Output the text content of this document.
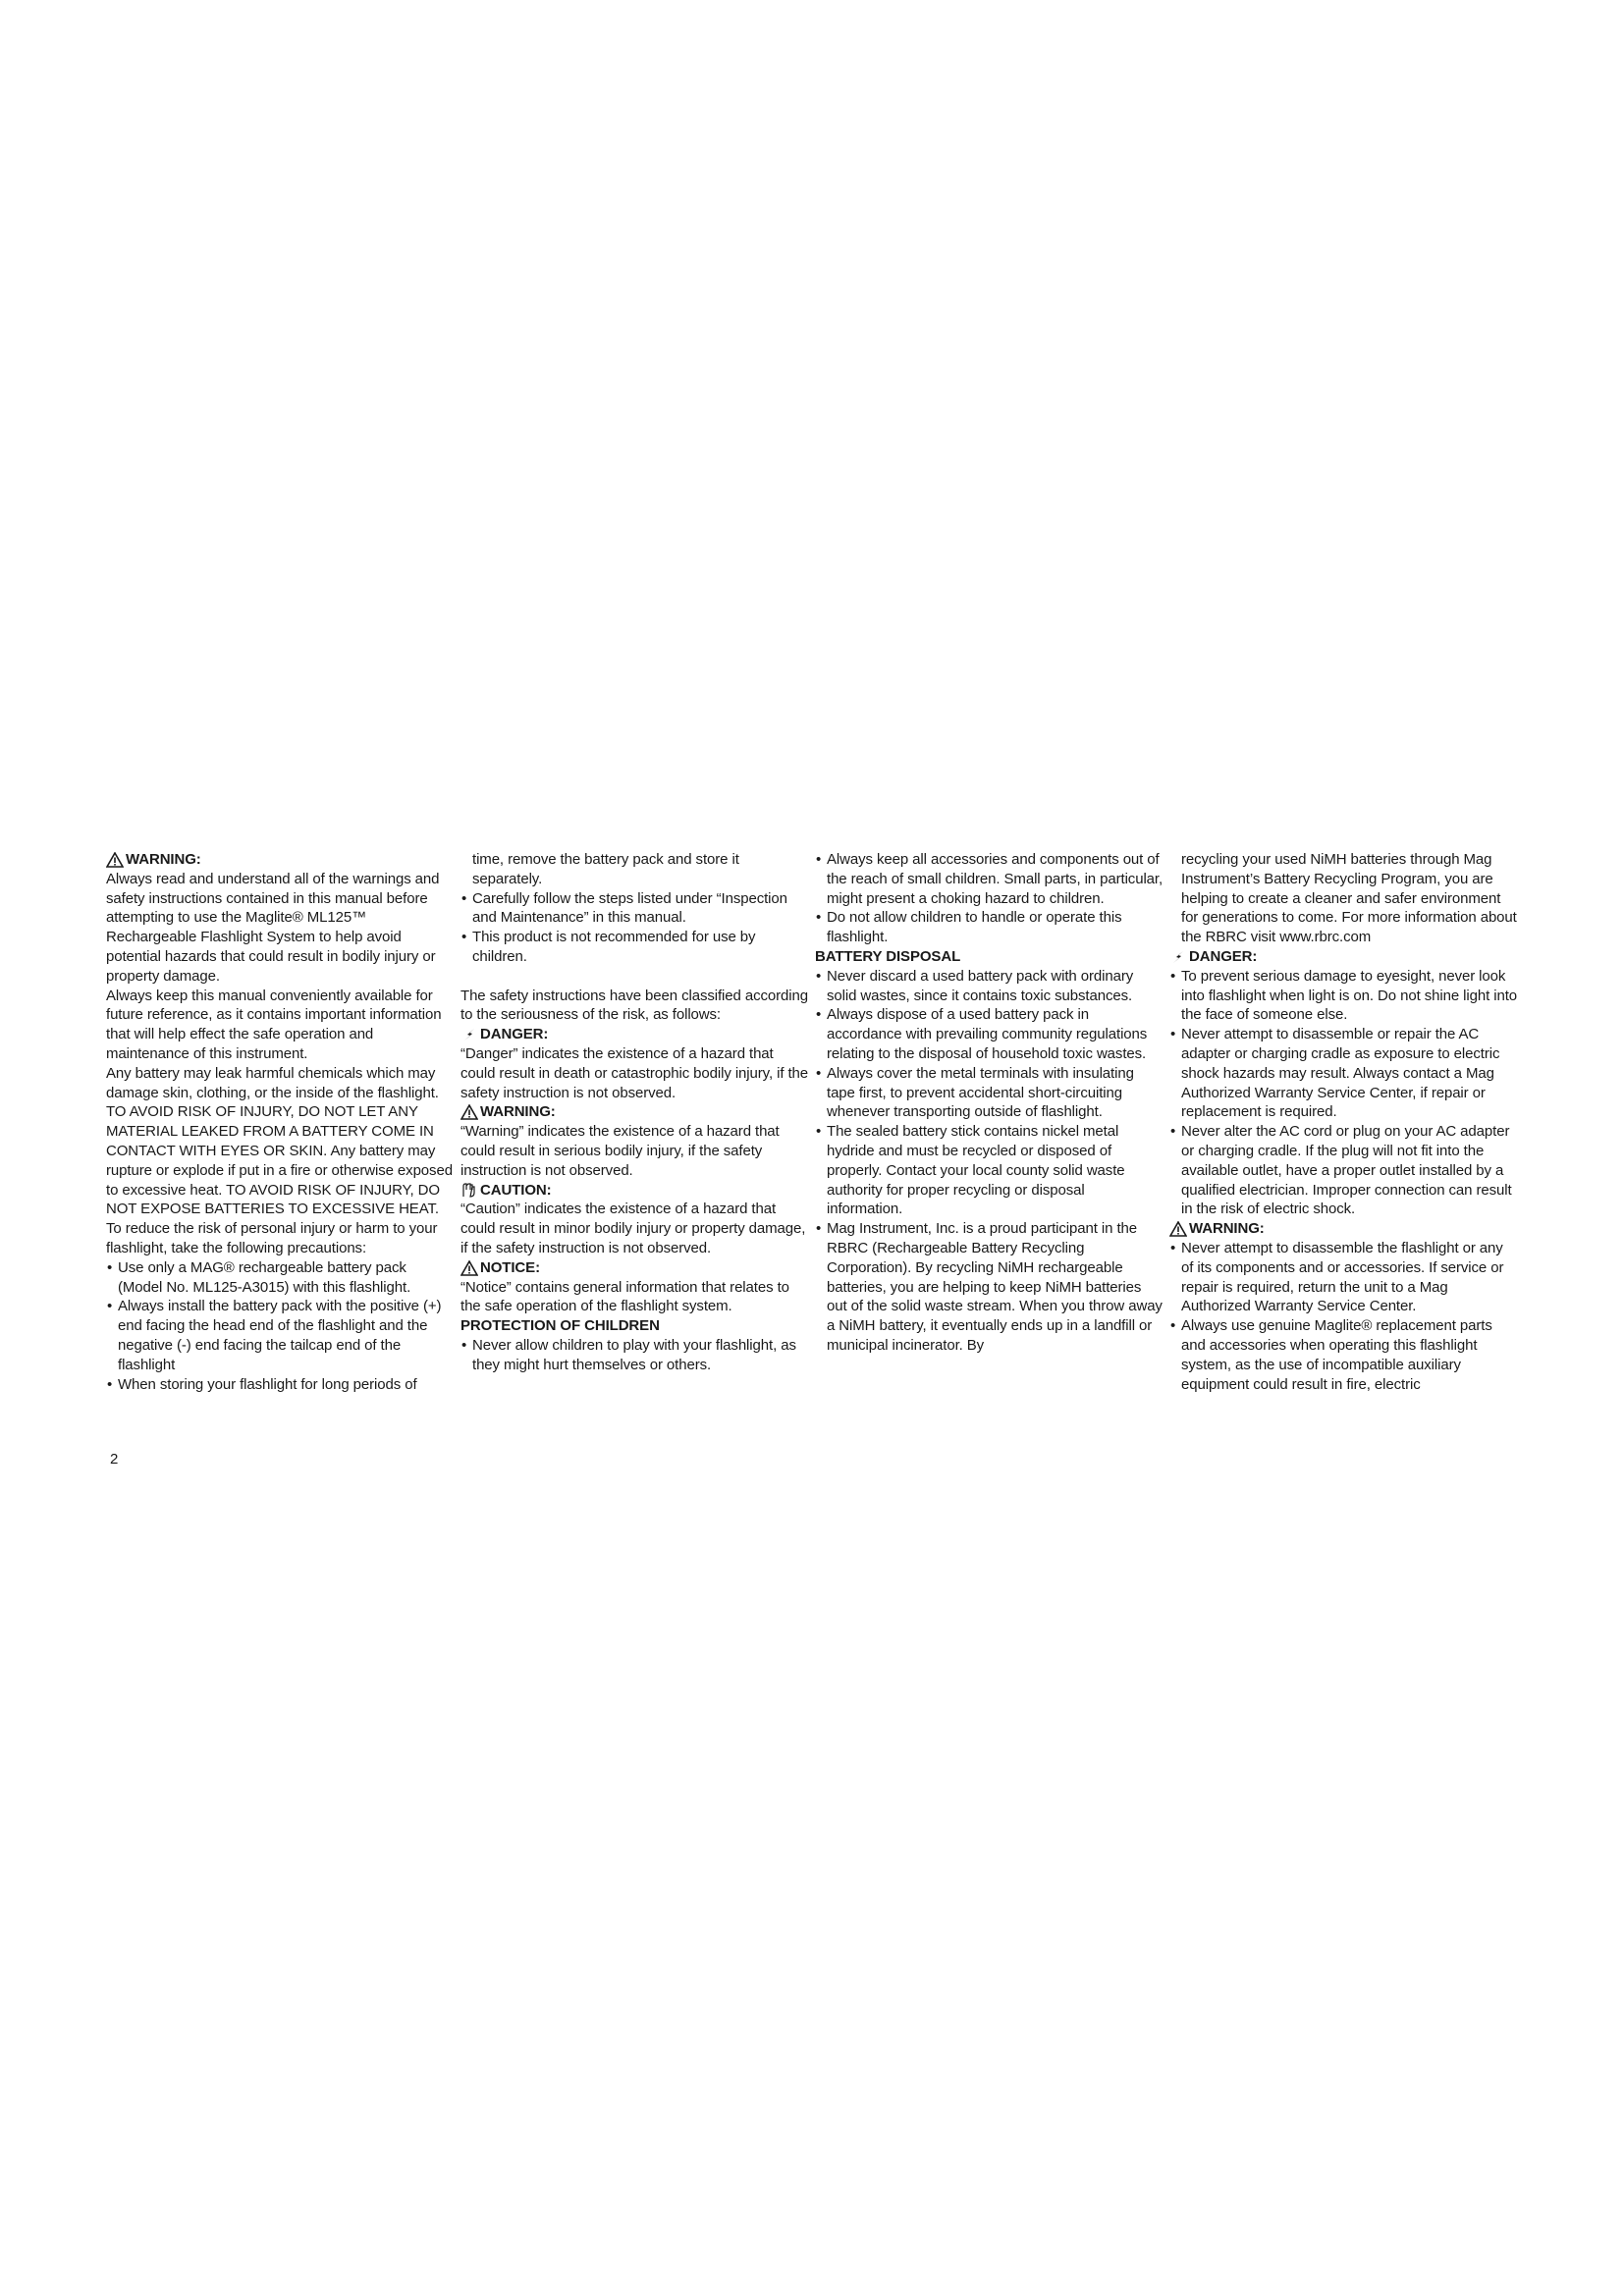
WARNING:

Always read and understand all of the warnings and safety instructions contained in this manual before attempting to use the Maglite® ML125™ Rechargeable Flashlight System to help avoid potential hazards that could result in bodily injury or property damage.

Always keep this manual conveniently available for future reference, as it contains important information that will help effect the safe operation and maintenance of this instrument.

Any battery may leak harmful chemicals which may damage skin, clothing, or the inside of the flashlight. TO AVOID RISK OF INJURY, DO NOT LET ANY MATERIAL LEAKED FROM A BATTERY COME IN CONTACT WITH EYES OR SKIN. Any battery may rupture or explode if put in a fire or otherwise exposed to excessive heat. TO AVOID RISK OF INJURY, DO NOT EXPOSE BATTERIES TO EXCESSIVE HEAT. To reduce the risk of personal injury or harm to your flashlight, take the following precautions:

• Use only a MAG® rechargeable battery pack (Model No. ML125-A3015) with this flashlight.

• Always install the battery pack with the positive (+) end facing the head end of the flashlight and the negative (-) end facing the tailcap end of the flashlight

• When storing your flashlight for long periods of

time, remove the battery pack and store it separately.

• Carefully follow the steps listed under “Inspection and Maintenance” in this manual.

• This product is not recommended for use by children.

The safety instructions have been classified according to the seriousness of the risk, as follows:

DANGER:

“Danger” indicates the existence of a hazard that could result in death or catastrophic bodily injury, if the safety instruction is not observed.

WARNING:

“Warning” indicates the existence of a hazard that could result in serious bodily injury, if the safety instruction is not observed.

CAUTION:

“Caution” indicates the existence of a hazard that could result in minor bodily injury or property damage, if the safety instruction is not observed.

NOTICE:

“Notice” contains general information that relates to the safe operation of the flashlight system.

PROTECTION OF CHILDREN

• Never allow children to play with your flashlight, as they might hurt themselves or others.

• Always keep all accessories and components out of the reach of small children. Small parts, in particular, might present a choking hazard to children.

• Do not allow children to handle or operate this flashlight.

BATTERY DISPOSAL

• Never discard a used battery pack with ordinary solid wastes, since it contains toxic substances.

• Always dispose of a used battery pack in accordance with prevailing community regulations relating to the disposal of household toxic wastes.

• Always cover the metal terminals with insulating tape first, to prevent accidental short-circuiting whenever transporting outside of flashlight.

• The sealed battery stick contains nickel metal hydride and must be recycled or disposed of properly. Contact your local county solid waste authority for proper recycling or disposal information.

• Mag Instrument, Inc. is a proud participant in the RBRC (Rechargeable Battery Recycling Corporation). By recycling NiMH rechargeable batteries, you are helping to keep NiMH batteries out of the solid waste stream. When you throw away a NiMH battery, it eventually ends up in a landfill or municipal incinerator. By

recycling your used NiMH batteries through Mag Instrument’s Battery Recycling Program, you are helping to create a cleaner and safer environment for generations to come. For more information about the RBRC visit www.rbrc.com

DANGER:

• To prevent serious damage to eyesight, never look into flashlight when light is on. Do not shine light into the face of someone else.

• Never attempt to disassemble or repair the AC adapter or charging cradle as exposure to electric shock hazards may result. Always contact a Mag Authorized Warranty Service Center, if repair or replacement is required.

• Never alter the AC cord or plug on your AC adapter or charging cradle. If the plug will not fit into the available outlet, have a proper outlet installed by a qualified electrician. Improper connection can result in the risk of electric shock.

WARNING:

• Never attempt to disassemble the flashlight or any of its components and or accessories. If service or repair is required, return the unit to a Mag Authorized Warranty Service Center.

• Always use genuine Maglite® replacement parts and accessories when operating this flashlight system, as the use of incompatible auxiliary equipment could result in fire, electric

2
